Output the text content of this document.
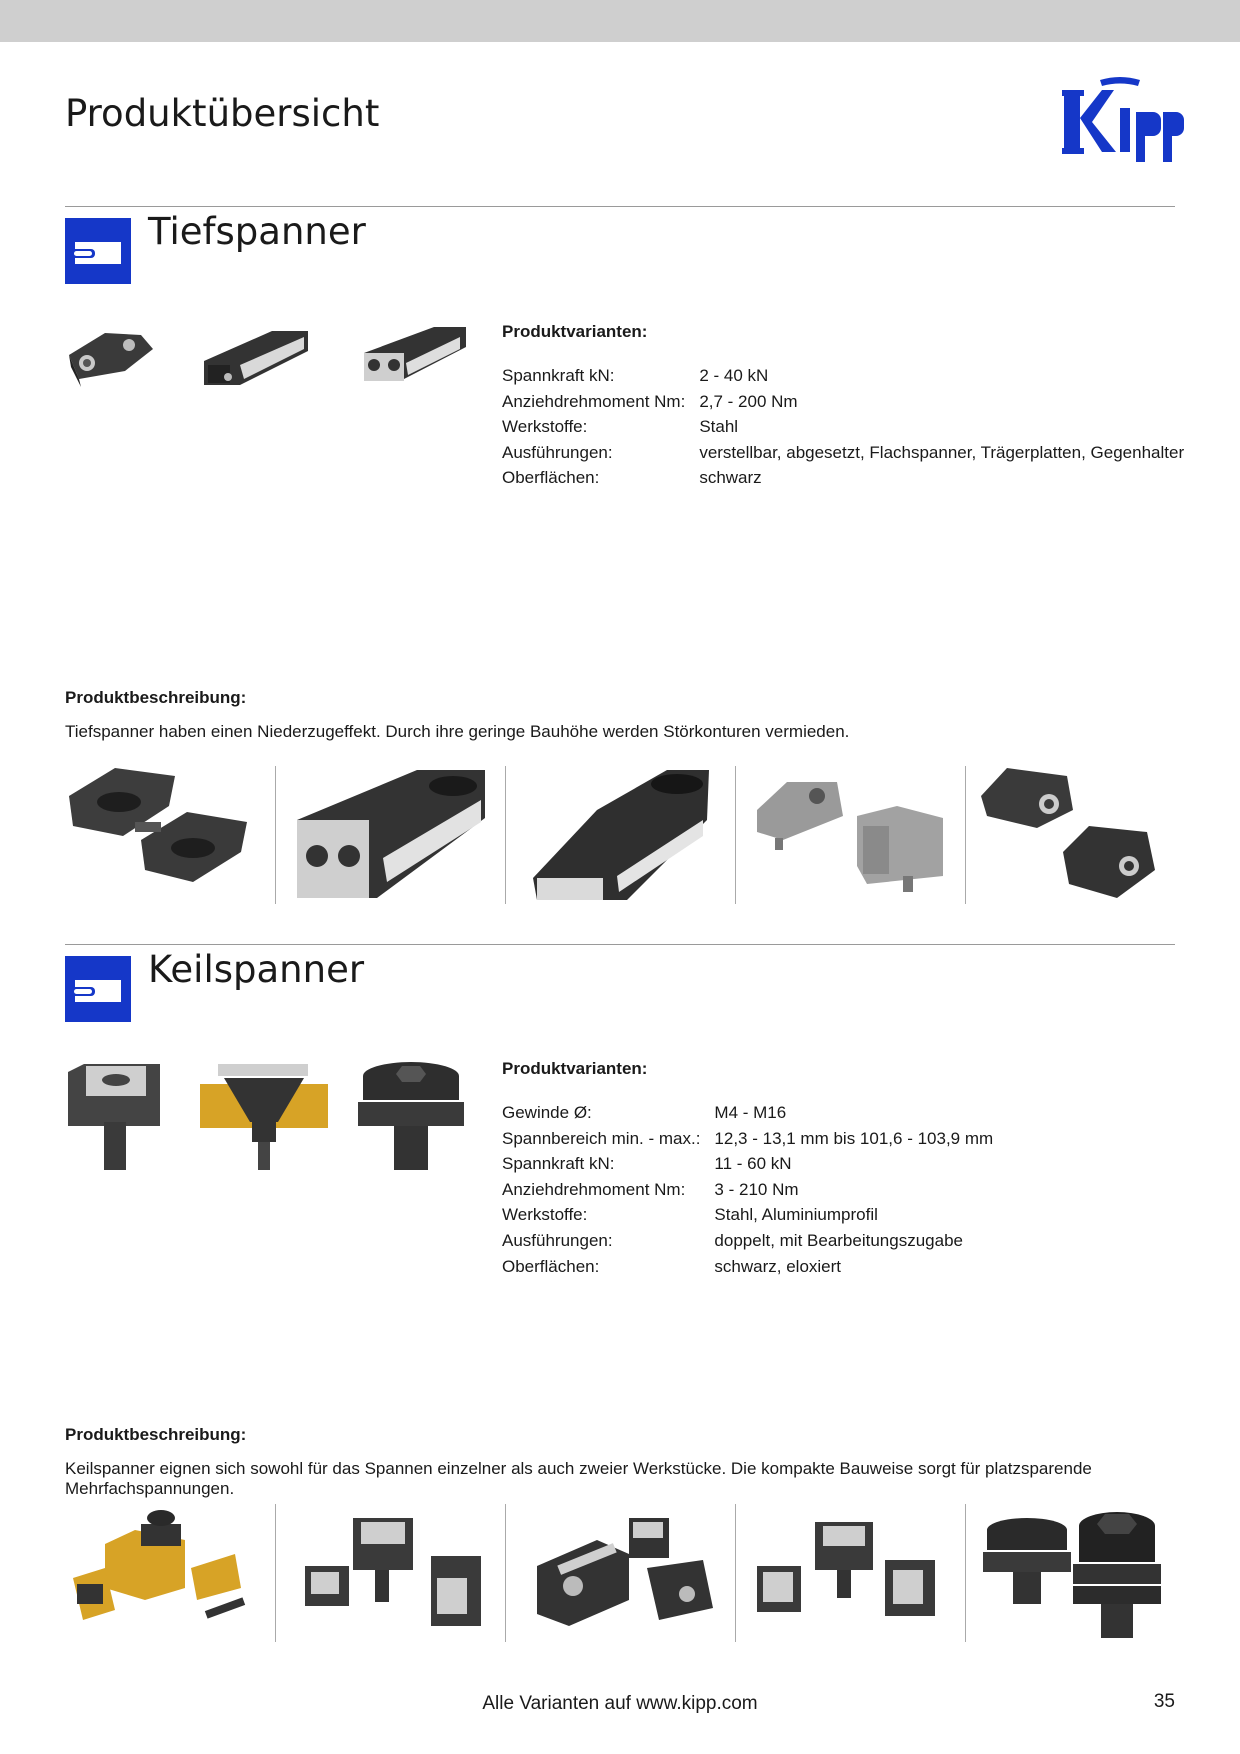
Produktübersicht
Tiefspanner
Produktvarianten:
Spannkraft kN:	2 - 40 kN
Anziehdrehmoment Nm:	2,7 - 200 Nm
Werkstoffe:	Stahl
Ausführungen:	verstellbar, abgesetzt, Flachspanner, Trägerplatten, Gegenhalter
Oberflächen:	schwarz
Produktbeschreibung:

Tiefspanner haben einen Niederzugeffekt. Durch ihre geringe Bauhöhe werden Störkonturen vermieden.

Keilspanner
Produktvarianten:
Gewinde Ø:	M4 - M16
Spannbereich min. - max.:	12,3 - 13,1 mm bis 101,6 - 103,9 mm
Spannkraft kN:	11 - 60 kN
Anziehdrehmoment Nm:	3 - 210 Nm
Werkstoffe:	Stahl, Aluminiumprofil
Ausführungen:	doppelt, mit Bearbeitungszugabe
Oberflächen:	schwarz, eloxiert
Produktbeschreibung:

Keilspanner eignen sich sowohl für das Spannen einzelner als auch zweier Werkstücke. Die kompakte Bauweise sorgt für platzsparende Mehrfachspannungen.

Alle Varianten auf www.kipp.com	35
